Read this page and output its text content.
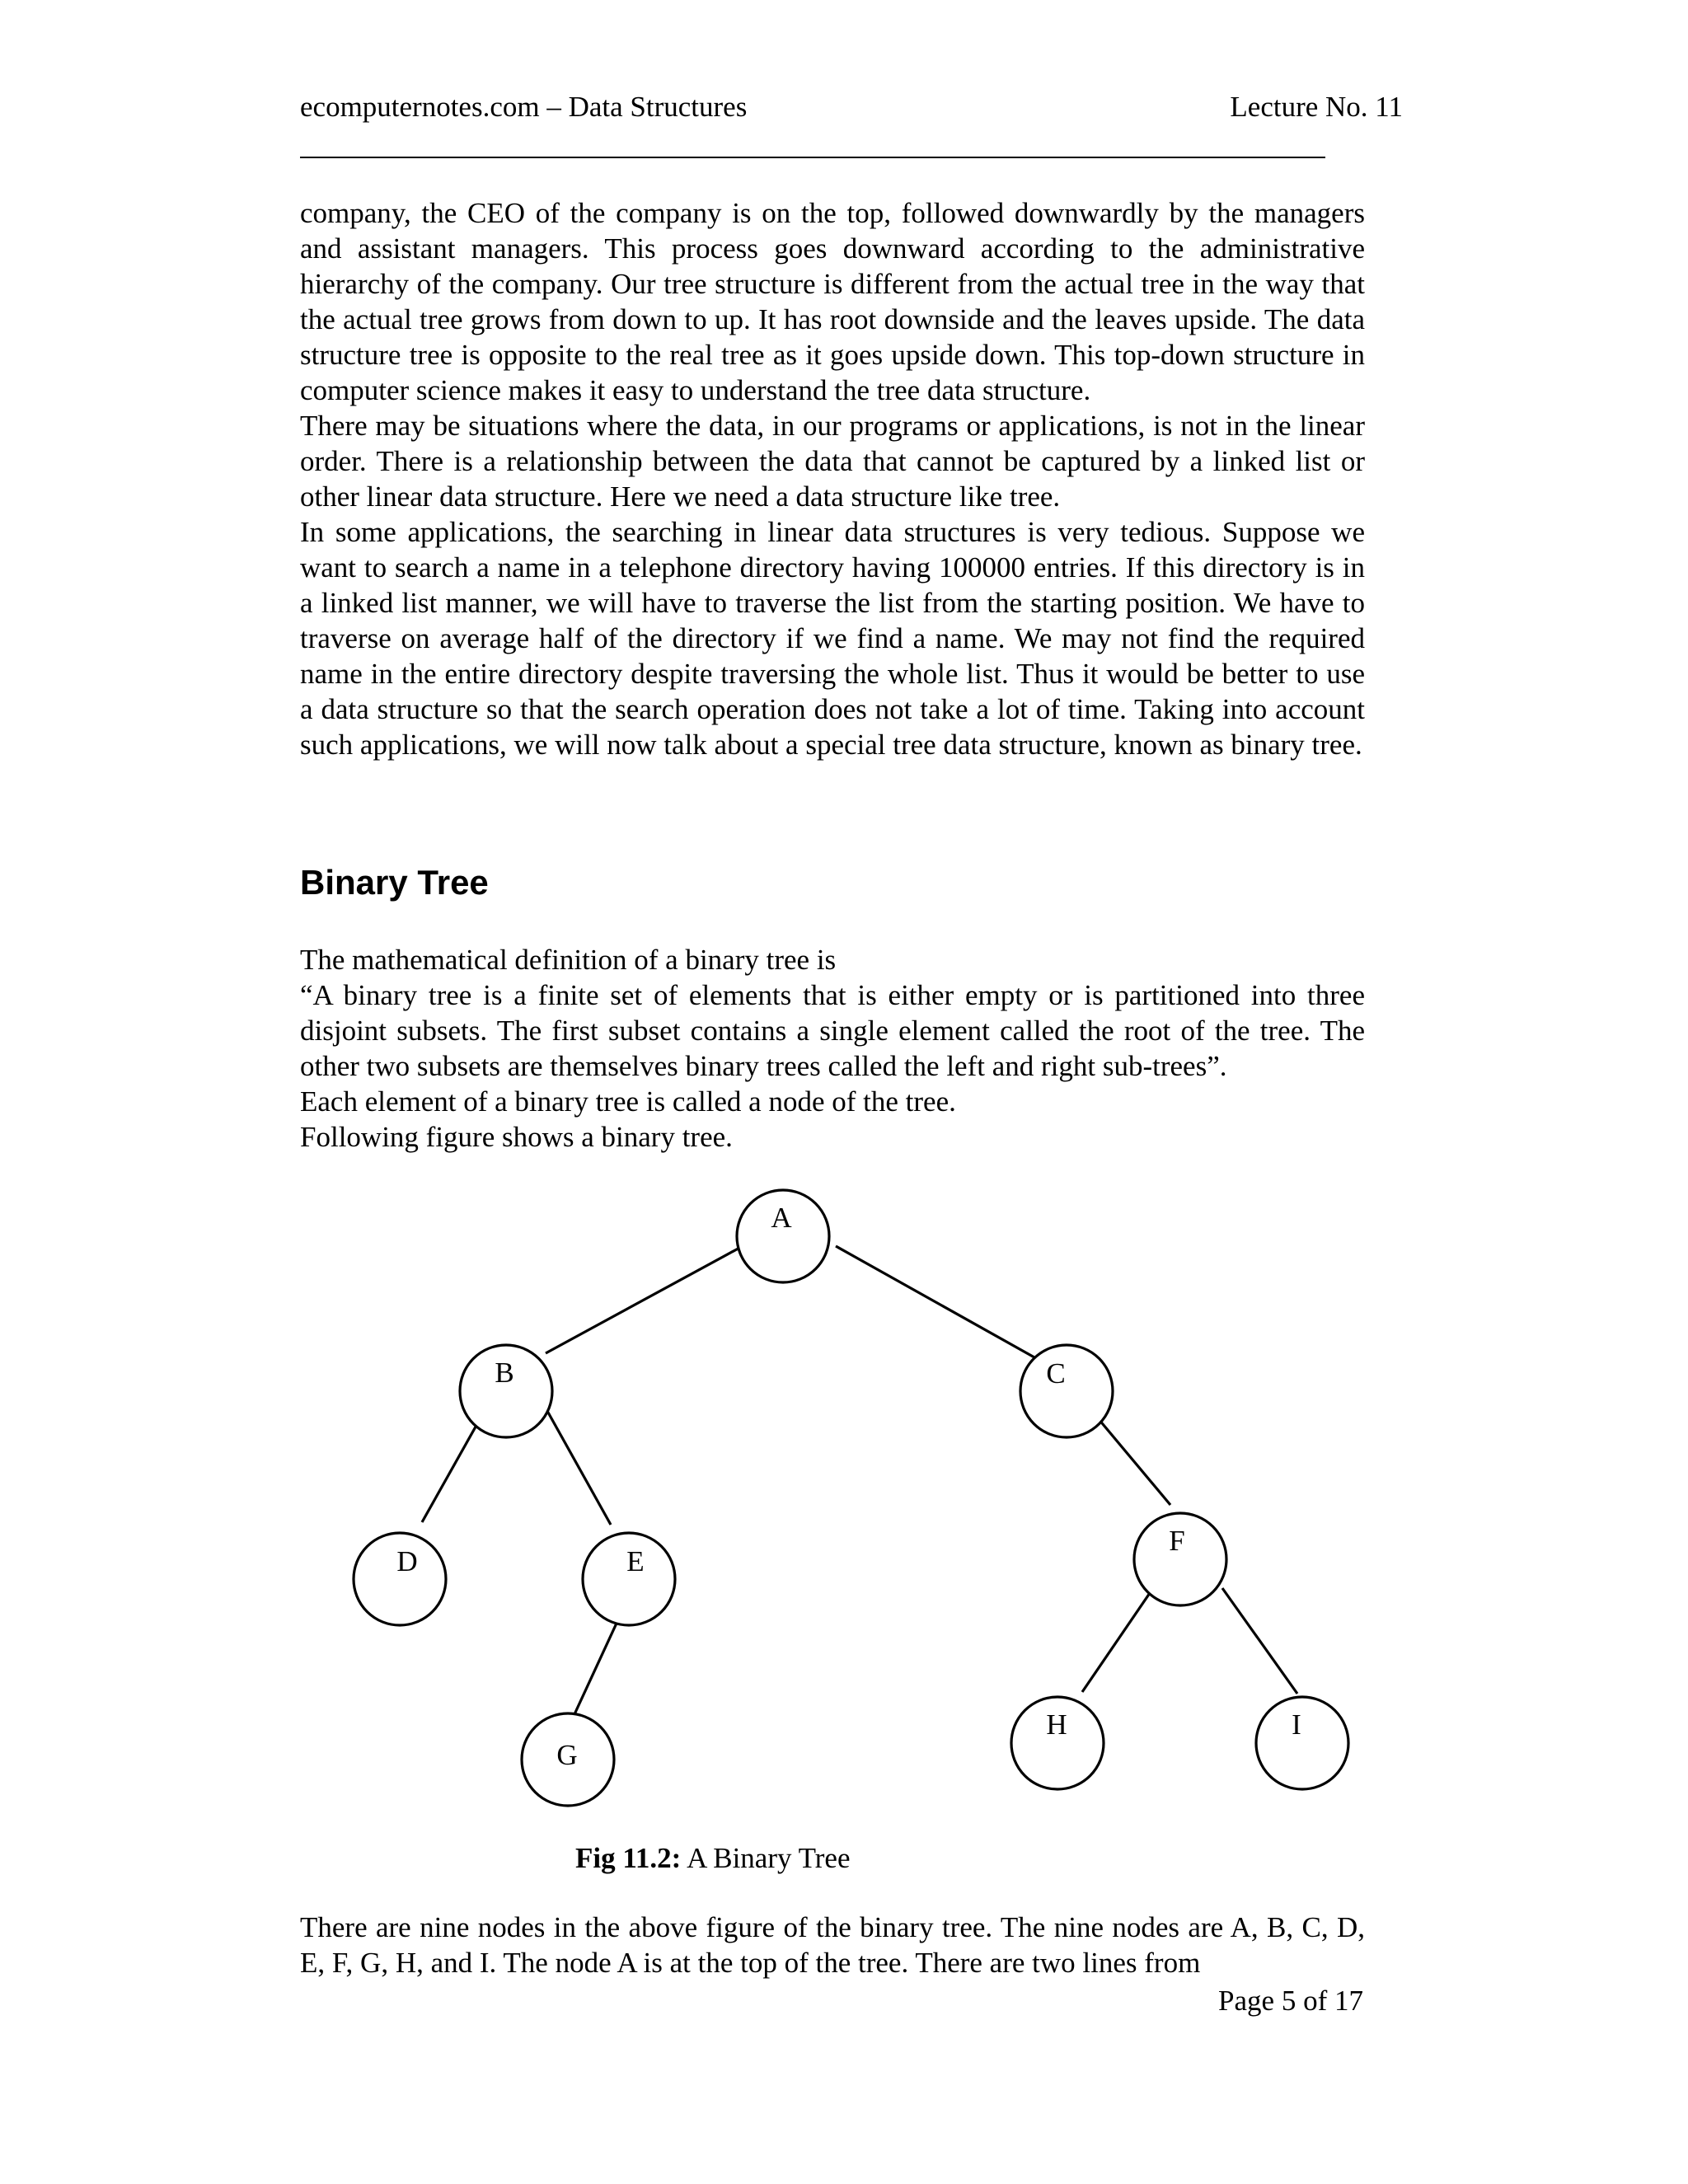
ecomputernotes.com – Data Structures	Lecture No. 11

company, the CEO of the company is on the top, followed downwardly by the managers and assistant managers. This process goes downward according to the administrative hierarchy of the company. Our tree structure is different from the actual tree in the way that the actual tree grows from down to up. It has root downside and the leaves upside. The data structure tree is opposite to the real tree as it goes upside down. This top-down structure in computer science makes it easy to understand the tree data structure.

There may be situations where the data, in our programs or applications, is not in the linear order. There is a relationship between the data that cannot be captured by a linked list or other linear data structure. Here we need a data structure like tree.

In some applications, the searching in linear data structures is very tedious. Suppose we want to search a name in a telephone directory having 100000 entries. If this directory is in a linked list manner, we will have to traverse the list from the starting position. We have to traverse on average half of the directory if we find a name. We may not find the required name in the entire directory despite traversing the whole list. Thus it would be better to use a data structure so that the search operation does not take a lot of time. Taking into account such applications, we will now talk about a special tree data structure, known as binary tree.

Binary Tree

The mathematical definition of a binary tree is

“A binary tree is a finite set of elements that is either empty or is partitioned into three disjoint subsets. The first subset contains a single element called the root of the tree. The other two subsets are themselves binary trees called the left and right sub-trees”.

Each element of a binary tree is called a node of the tree.

Following figure shows a binary tree.

A
B	C
D	E
F
G
H	I
Fig 11.2: A Binary Tree

There are nine nodes in the above figure of the binary tree. The nine nodes are A, B, C, D, E, F, G, H, and I. The node A is at the top of the tree. There are two lines from

Page 5 of 17
